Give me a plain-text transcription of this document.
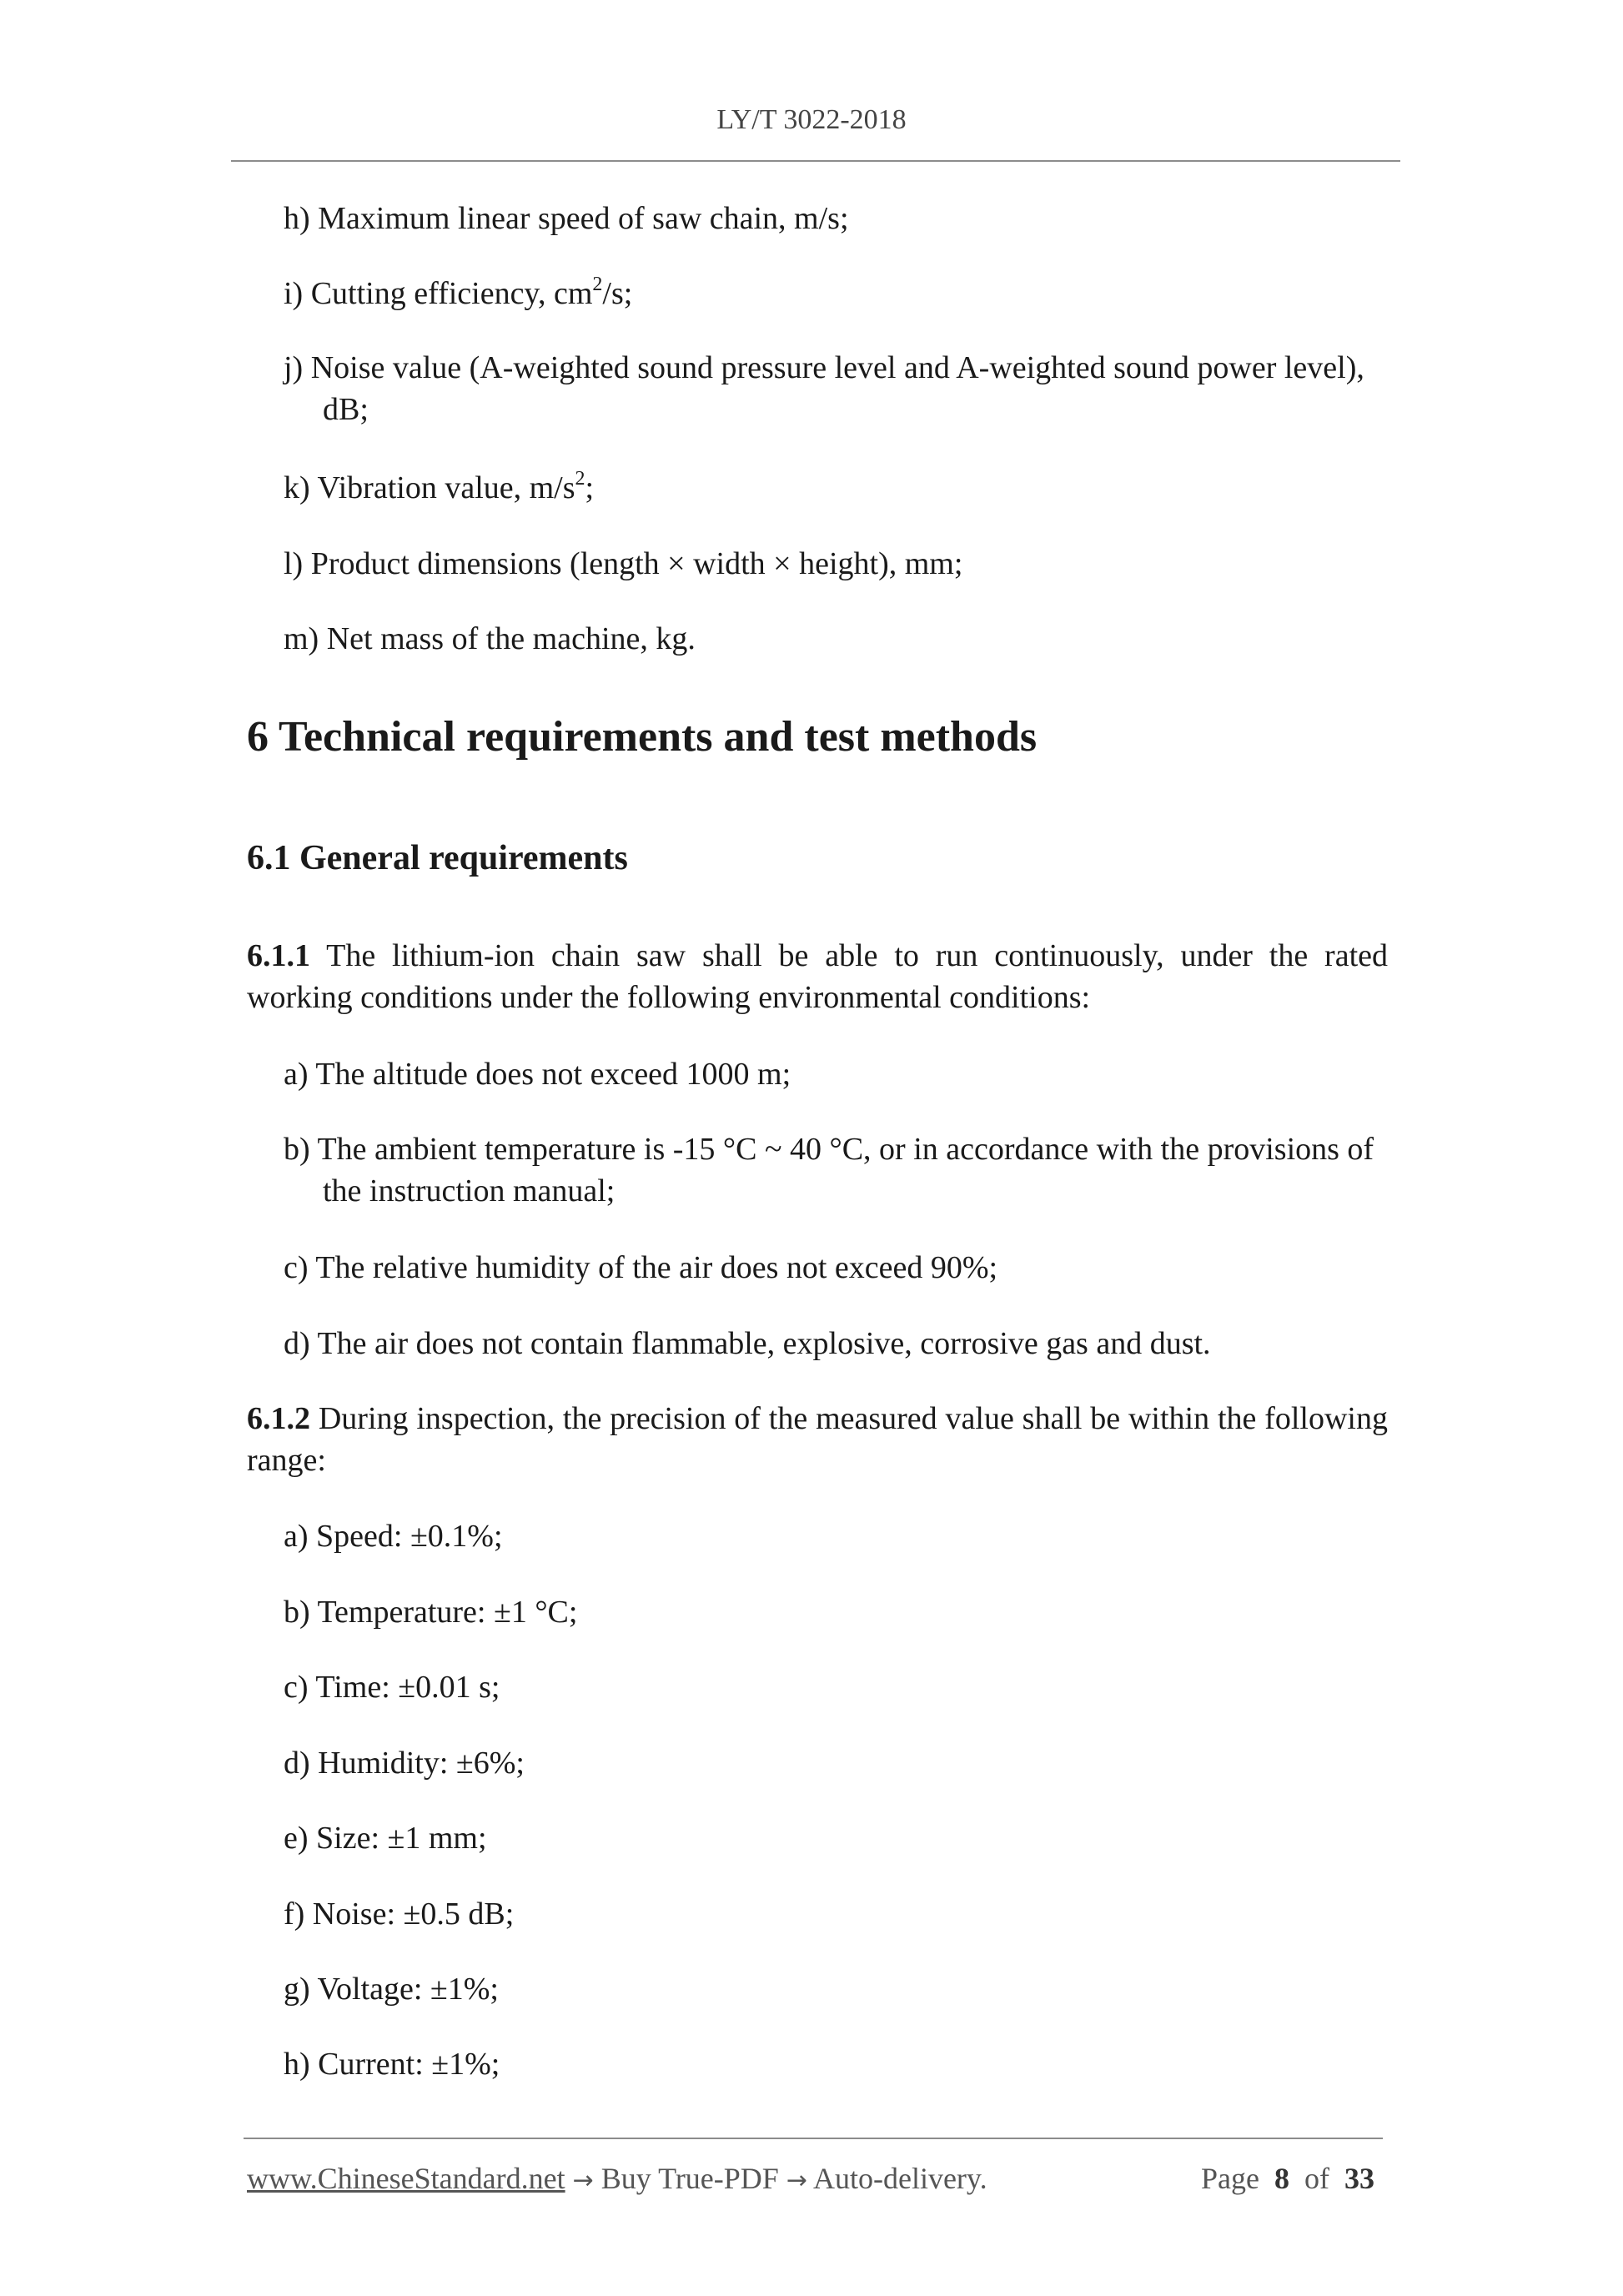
LY/T 3022-2018
h) Maximum linear speed of saw chain, m/s;
i) Cutting efficiency, $cm^2/s$;
j) Noise value (A-weighted sound pressure level and A-weighted sound power level), dB;
k) Vibration value, $m/s^2$;
l) Product dimensions (length × width × height), mm;
m) Net mass of the machine, kg.
6 Technical requirements and test methods
6.1 General requirements
6.1.1 The lithium-ion chain saw shall be able to run continuously, under the rated working conditions under the following environmental conditions:
a) The altitude does not exceed 1000 m;
b) The ambient temperature is -15 °C ~ 40 °C, or in accordance with the provisions of the instruction manual;
c) The relative humidity of the air does not exceed 90%;
d) The air does not contain flammable, explosive, corrosive gas and dust.
6.1.2 During inspection, the precision of the measured value shall be within the following range:
a) Speed: ±0.1%;
b) Temperature: ±1 °C;
c) Time: ±0.01 s;
d) Humidity: ±6%;
e) Size: ±1 mm;
f) Noise: ±0.5 dB;
g) Voltage: ±1%;
h) Current: ±1%;
www.ChineseStandard.net → Buy True-PDF → Auto-delivery.	Page 8 of 33
